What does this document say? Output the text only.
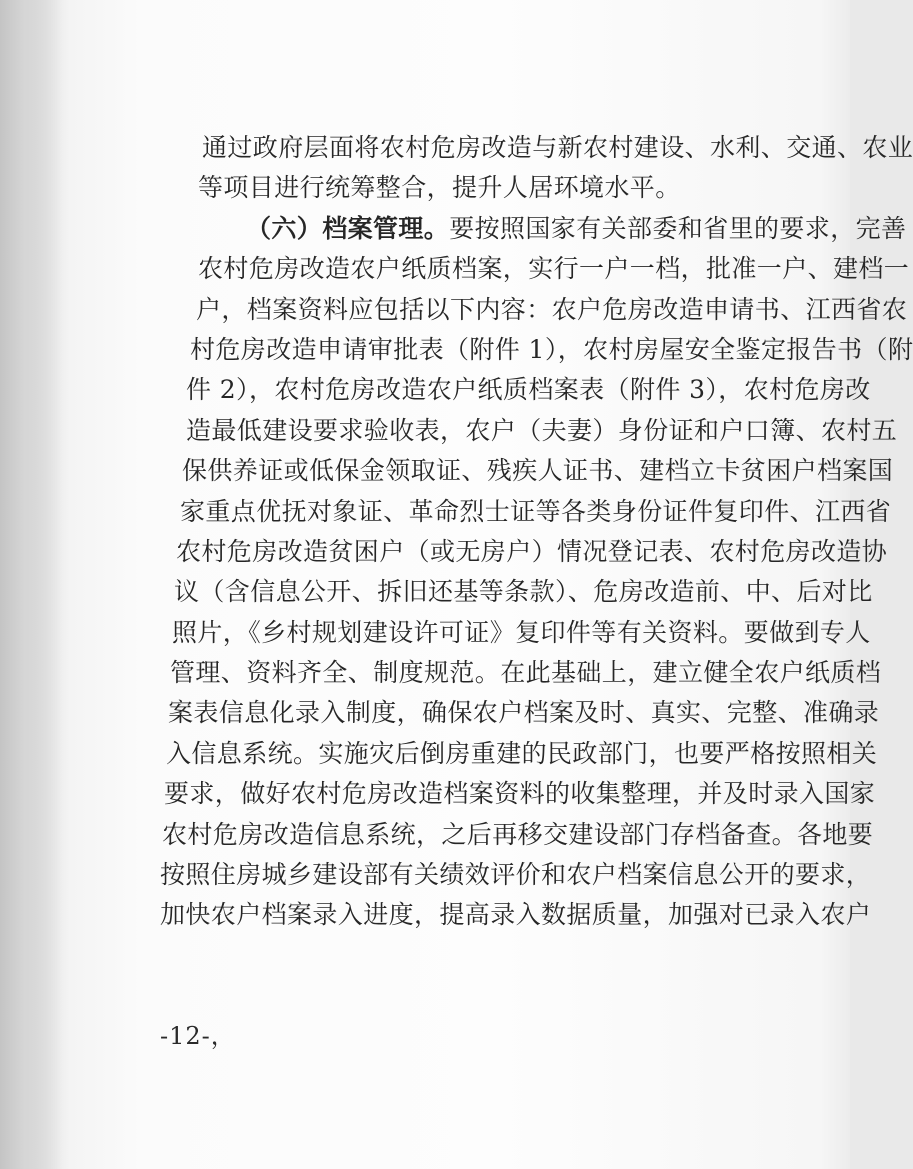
通过政府层面将农村危房改造与新农村建设、水利、交通、农业
等项目进行统筹整合，提升人居环境水平。
（六）档案管理。要按照国家有关部委和省里的要求，完善
农村危房改造农户纸质档案，实行一户一档，批准一户、建档一
户，档案资料应包括以下内容：农户危房改造申请书、江西省农
村危房改造申请审批表（附件 1），农村房屋安全鉴定报告书（附
件 2），农村危房改造农户纸质档案表（附件 3），农村危房改
造最低建设要求验收表，农户（夫妻）身份证和户口簿、农村五
保供养证或低保金领取证、残疾人证书、建档立卡贫困户档案国
家重点优抚对象证、革命烈士证等各类身份证件复印件、江西省
农村危房改造贫困户（或无房户）情况登记表、农村危房改造协
议（含信息公开、拆旧还基等条款）、危房改造前、中、后对比
照片，《乡村规划建设许可证》复印件等有关资料。要做到专人
管理、资料齐全、制度规范。在此基础上，建立健全农户纸质档
案表信息化录入制度，确保农户档案及时、真实、完整、准确录
入信息系统。实施灾后倒房重建的民政部门，也要严格按照相关
要求，做好农村危房改造档案资料的收集整理，并及时录入国家
农村危房改造信息系统，之后再移交建设部门存档备查。各地要
按照住房城乡建设部有关绩效评价和农户档案信息公开的要求，
加快农户档案录入进度，提高录入数据质量，加强对已录入农户
-12-，
